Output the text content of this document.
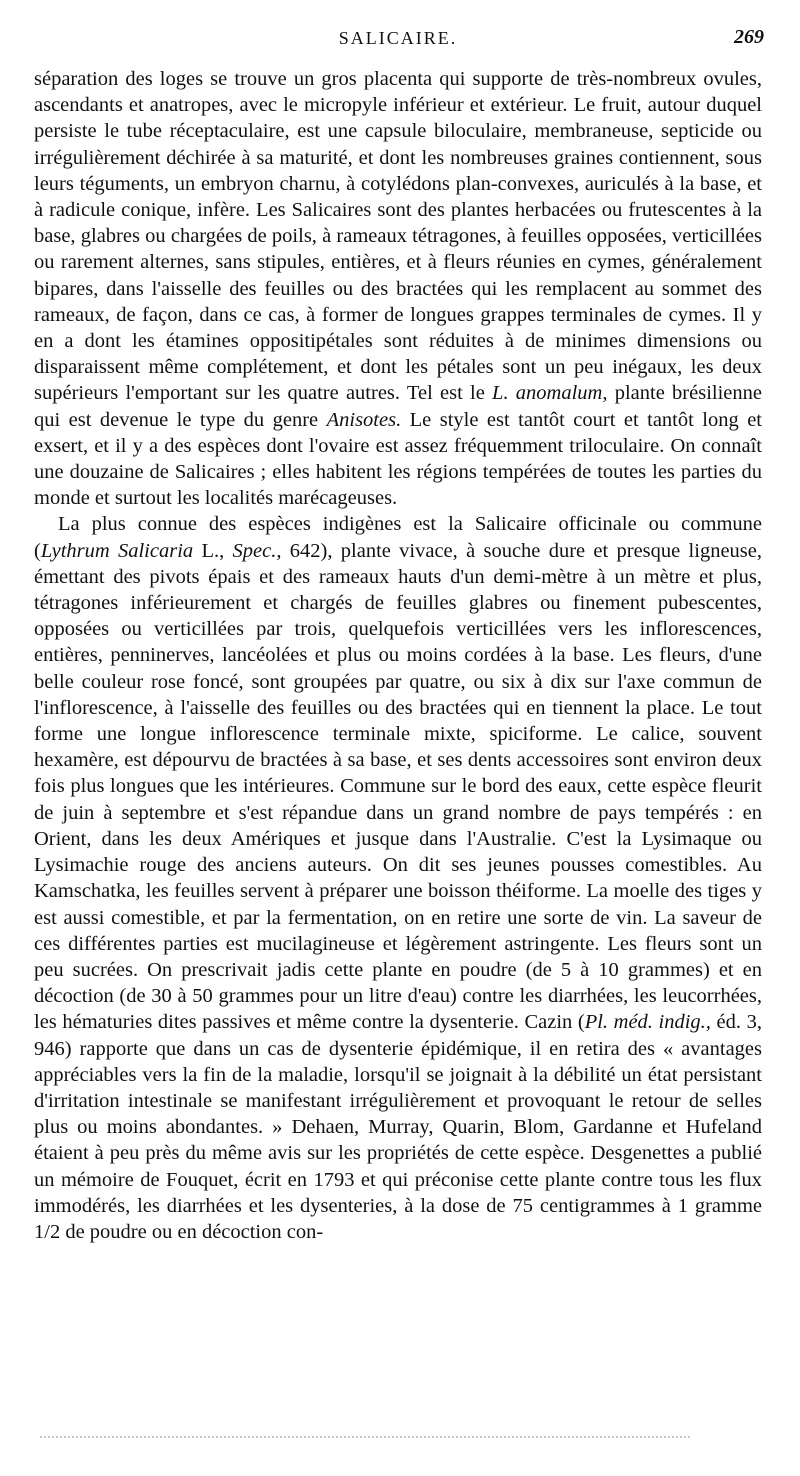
SALICAIRE.	269

séparation des loges se trouve un gros placenta qui supporte de très-nombreux ovules, ascendants et anatropes, avec le micropyle inférieur et extérieur. Le fruit, autour duquel persiste le tube réceptaculaire, est une capsule biloculaire, membraneuse, septicide ou irrégulièrement déchirée à sa maturité, et dont les nombreuses graines contiennent, sous leurs téguments, un embryon charnu, à cotylédons plan-convexes, auriculés à la base, et à radicule conique, infère. Les Salicaires sont des plantes herbacées ou frutescentes à la base, glabres ou chargées de poils, à rameaux tétragones, à feuilles opposées, verticillées ou rarement alternes, sans stipules, entières, et à fleurs réunies en cymes, généralement bipares, dans l'aisselle des feuilles ou des bractées qui les remplacent au sommet des rameaux, de façon, dans ce cas, à former de longues grappes terminales de cymes. Il y en a dont les étamines oppositipétales sont réduites à de minimes dimensions ou disparaissent même complétement, et dont les pétales sont un peu inégaux, les deux supérieurs l'emportant sur les quatre autres. Tel est le L. anomalum, plante brésilienne qui est devenue le type du genre Anisotes. Le style est tantôt court et tantôt long et exsert, et il y a des espèces dont l'ovaire est assez fréquemment triloculaire. On connaît une douzaine de Salicaires ; elles habitent les régions tempérées de toutes les parties du monde et surtout les localités marécageuses.

La plus connue des espèces indigènes est la Salicaire officinale ou commune (Lythrum Salicaria L., Spec., 642), plante vivace, à souche dure et presque ligneuse, émettant des pivots épais et des rameaux hauts d'un demi-mètre à un mètre et plus, tétragones inférieurement et chargés de feuilles glabres ou finement pubescentes, opposées ou verticillées par trois, quelquefois verticillées vers les inflorescences, entières, penninerves, lancéolées et plus ou moins cordées à la base. Les fleurs, d'une belle couleur rose foncé, sont groupées par quatre, ou six à dix sur l'axe commun de l'inflorescence, à l'aisselle des feuilles ou des bractées qui en tiennent la place. Le tout forme une longue inflorescence terminale mixte, spiciforme. Le calice, souvent hexamère, est dépourvu de bractées à sa base, et ses dents accessoires sont environ deux fois plus longues que les intérieures. Commune sur le bord des eaux, cette espèce fleurit de juin à septembre et s'est répandue dans un grand nombre de pays tempérés : en Orient, dans les deux Amériques et jusque dans l'Australie. C'est la Lysimaque ou Lysimachie rouge des anciens auteurs. On dit ses jeunes pousses comestibles. Au Kamschatka, les feuilles servent à préparer une boisson théiforme. La moelle des tiges y est aussi comestible, et par la fermentation, on en retire une sorte de vin. La saveur de ces différentes parties est mucilagineuse et légèrement astringente. Les fleurs sont un peu sucrées. On prescrivait jadis cette plante en poudre (de 5 à 10 grammes) et en décoction (de 30 à 50 grammes pour un litre d'eau) contre les diarrhées, les leucorrhées, les hématuries dites passives et même contre la dysenterie. Cazin (Pl. méd. indig., éd. 3, 946) rapporte que dans un cas de dysenterie épidémique, il en retira des « avantages appréciables vers la fin de la maladie, lorsqu'il se joignait à la débilité un état persistant d'irritation intestinale se manifestant irrégulièrement et provoquant le retour de selles plus ou moins abondantes. » Dehaen, Murray, Quarin, Blom, Gardanne et Hufeland étaient à peu près du même avis sur les propriétés de cette espèce. Desgenettes a publié un mémoire de Fouquet, écrit en 1793 et qui préconise cette plante contre tous les flux immodérés, les diarrhées et les dysenteries, à la dose de 75 centigrammes à 1 gramme 1/2 de poudre ou en décoction con-
